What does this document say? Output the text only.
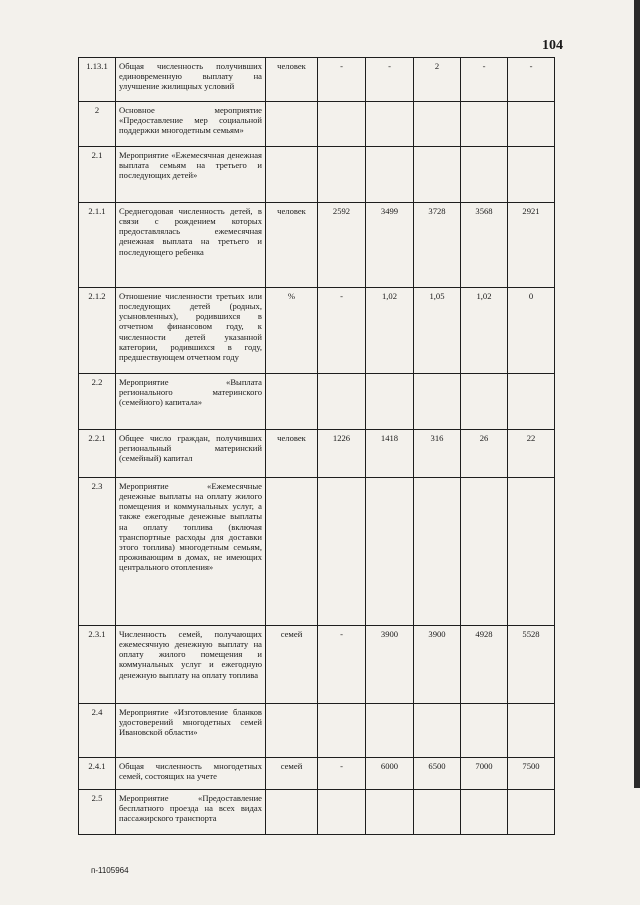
104
1.13.1	Общая численность получивших единовременную выплату на улучшение жилищных условий	человек	-	-	2	-	-
2	Основное мероприятие «Предоставление мер социальной поддержки многодетным семьям»						
2.1	Мероприятие «Ежемесячная денежная выплата семьям на третьего и последующих детей»						
2.1.1	Среднегодовая численность детей, в связи с рождением которых предоставлялась ежемесячная денежная выплата на третьего и последующего ребенка	человек	2592	3499	3728	3568	2921
2.1.2	Отношение численности третьих или последующих детей (родных, усыновленных), родившихся в отчетном финансовом году, к численности детей указанной категории, родившихся в году, предшествующем отчетном году	%	-	1,02	1,05	1,02	0
2.2	Мероприятие «Выплата регионального материнского (семейного) капитала»						
2.2.1	Общее число граждан, получивших региональный материнский (семейный) капитал	человек	1226	1418	316	26	22
2.3	Мероприятие «Ежемесячные денежные выплаты на оплату жилого помещения и коммунальных услуг, а также ежегодные денежные выплаты на оплату топлива (включая транспортные расходы для доставки этого топлива) многодетным семьям, проживающим в домах, не имеющих центрального отопления»						
2.3.1	Численность семей, получающих ежемесячную денежную выплату на оплату жилого помещения и коммунальных услуг и ежегодную денежную выплату на оплату топлива	семей	-	3900	3900	4928	5528
2.4	Мероприятие «Изготовление бланков удостоверений многодетных семей Ивановской области»						
2.4.1	Общая численность многодетных семей, состоящих на учете	семей	-	6000	6500	7000	7500
2.5	Мероприятие «Предоставление бесплатного проезда на всех видах пассажирского транспорта						
п-1105964
